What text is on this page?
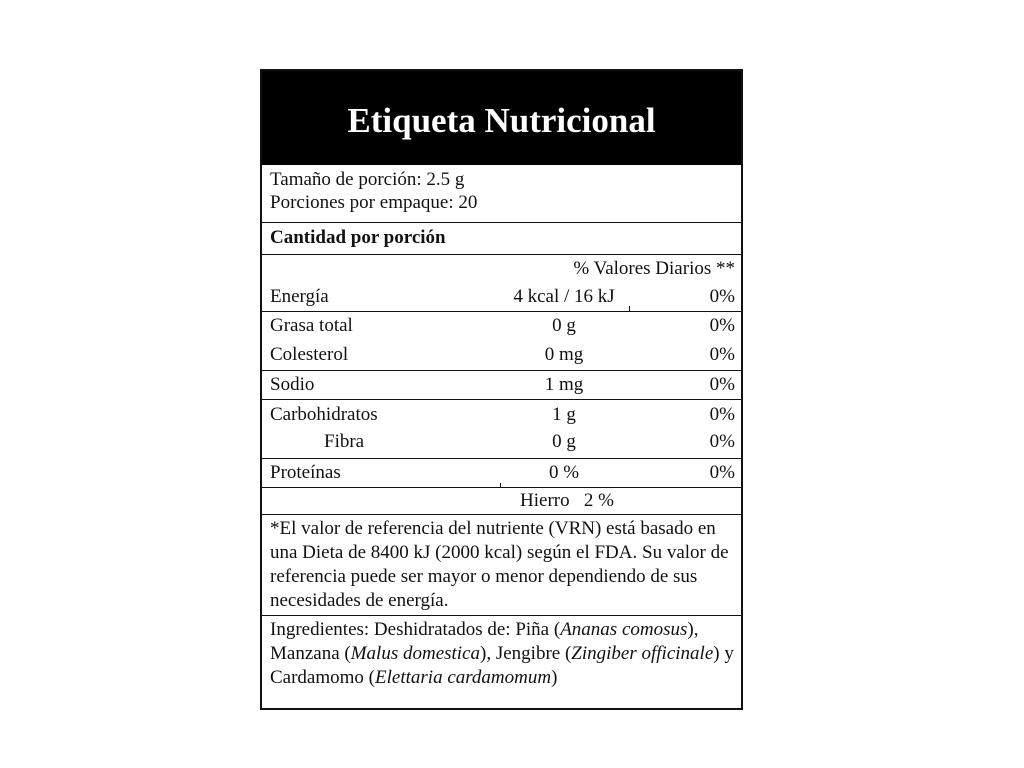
Etiqueta Nutricional
Tamaño de porción: 2.5 g
Porciones por empaque: 20
Cantidad por porción
% Valores Diarios **
Energía	4 kcal / 16 kJ	0%
Grasa total	0 g	0%
Colesterol	0 mg	0%
Sodio	1 mg	0%
Carbohidratos	1 g	0%
Fibra	0 g	0%
Proteínas	0 %	0%
Hierro   2 %
*El valor de referencia del nutriente (VRN) está basado en una Dieta de 8400 kJ (2000 kcal) según el FDA. Su valor de referencia puede ser mayor o menor dependiendo de sus necesidades de energía.
Ingredientes: Deshidratados de: Piña (Ananas comosus), Manzana (Malus domestica), Jengibre (Zingiber officinale) y Cardamomo (Elettaria cardamomum)
